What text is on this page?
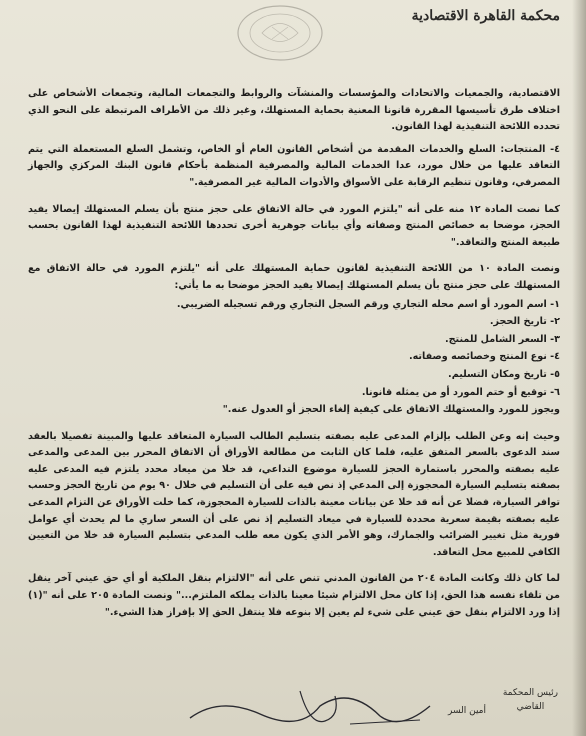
محكمة القاهرة الاقتصادية

الاقتصادية، والجمعيات والاتحادات والمؤسسات والمنشآت والروابط والتجمعات المالية، وتجمعات الأشخاص على اختلاف طرق تأسيسها المقررة قانونا المعنية بحماية المستهلك، وغير ذلك من الأطراف المرتبطة على النحو الذي تحدده اللائحة التنفيذية لهذا القانون.

٤- المنتجات: السلع والخدمات المقدمة من أشخاص القانون العام أو الخاص، وتشمل السلع المستعملة التي يتم التعاقد عليها من خلال مورد، عدا الخدمات المالية والمصرفية المنظمة بأحكام قانون البنك المركزي والجهاز المصرفي، وقانون تنظيم الرقابة على الأسواق والأدوات المالية غير المصرفية."

كما نصت المادة ١٢ منه على أنه "يلتزم المورد في حالة الاتفاق على حجز منتج بأن يسلم المستهلك إيصالا يفيد الحجز، موضحا به خصائص المنتج وصفاته وأي بيانات جوهرية أخرى تحددها اللائحة التنفيذية لهذا القانون بحسب طبيعة المنتج والتعاقد."

ونصت المادة ١٠ من اللائحة التنفيذية لقانون حماية المستهلك على أنه "يلتزم المورد في حالة الاتفاق مع المستهلك على حجز منتج بأن يسلم المستهلك إيصالا يفيد الحجز موضحا به ما يأتي:

١- اسم المورد أو اسم محله التجاري ورقم السجل التجاري ورقم تسجيله الضريبي.

٢- تاريخ الحجز.

٣- السعر الشامل للمنتج.

٤- نوع المنتج وخصائصه وصفاته.

٥- تاريخ ومكان التسليم.

٦- توقيع أو ختم المورد أو من يمثله قانونا.

ويجوز للمورد والمستهلك الاتفاق على كيفية إلغاء الحجز أو العدول عنه."

وحيث إنه وعن الطلب بإلزام المدعى عليه بصفته بتسليم الطالب السيارة المتعاقد عليها والمبينة تفصيلا بالعقد سند الدعوى بالسعر المتفق عليه، فلما كان الثابت من مطالعة الأوراق أن الاتفاق المحرر بين المدعى والمدعى عليه بصفته والمحرر باستمارة الحجز للسيارة موضوع التداعي، قد خلا من ميعاد محدد يلتزم فيه المدعى عليه بصفته بتسليم السيارة المحجوزة إلى المدعي إذ نص فيه على أن التسليم في خلال ٩٠ يوم من تاريخ الحجز وحسب توافر السيارة، فضلا عن أنه قد خلا عن بيانات معينة بالذات للسيارة المحجوزة، كما خلت الأوراق عن التزام المدعى عليه بصفته بقيمة سعرية محددة للسيارة في ميعاد التسليم إذ نص على أن السعر ساري ما لم يحدث أي عوامل فورية مثل تغيير الضرائب والجمارك، وهو الأمر الذي يكون معه طلب المدعي بتسليم السيارة قد خلا من التعيين الكافي للمبيع محل التعاقد.

لما كان ذلك وكانت المادة ٢٠٤ من القانون المدني تنص على أنه "الالتزام بنقل الملكية أو أي حق عيني آخر ينقل من تلقاء نفسه هذا الحق، إذا كان محل الالتزام شيئا معينا بالذات يملكه الملتزم..." ونصت المادة ٢٠٥ على أنه "(١) إذا ورد الالتزام بنقل حق عيني على شيء لم يعين إلا بنوعه فلا ينتقل الحق إلا بإفراز هذا الشيء."

رئيس المحكمة
القاضي
أمين السر
